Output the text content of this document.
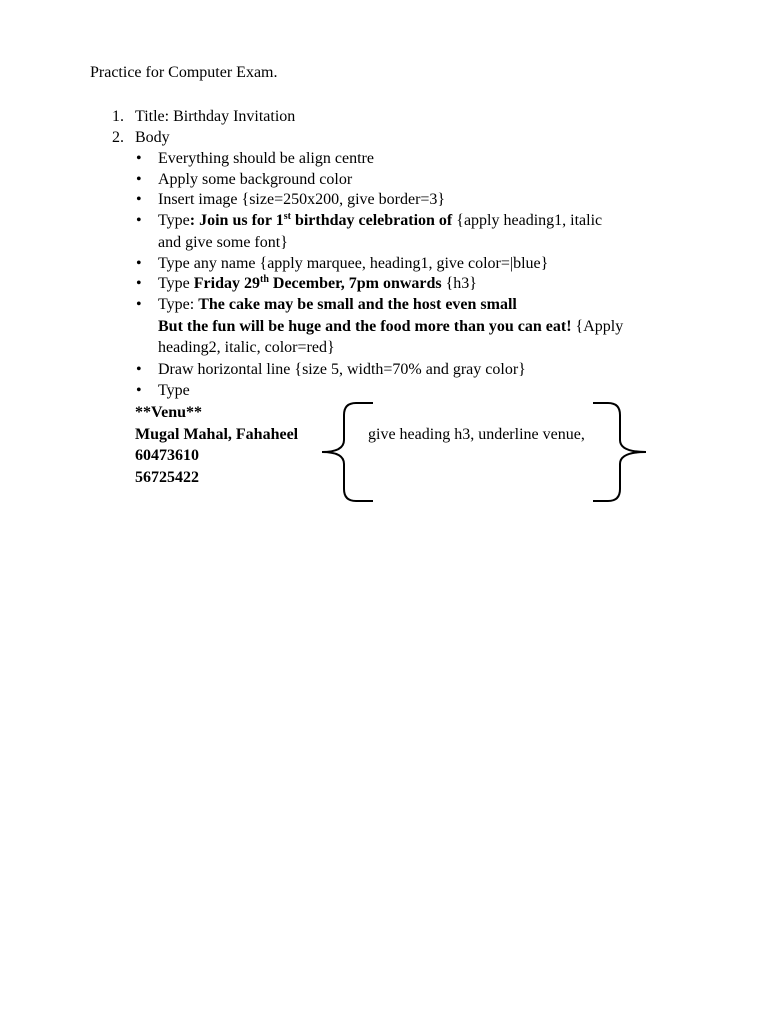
Practice for Computer Exam.
1. Title: Birthday Invitation
2. Body
• Everything should be align centre
• Apply some background color
• Insert image {size=250x200, give border=3}
• Type: Join us for 1st birthday celebration of {apply heading1, italic
and give some font}
• Type any name {apply marquee, heading1, give color=|blue}
• Type Friday 29th December, 7pm onwards {h3}
• Type: The cake may be small and the host even small
But the fun will be huge and the food more than you can eat! {Apply
heading2, italic, color=red}
• Draw horizontal line {size 5, width=70% and gray color}
• Type
**Venu**
Mugal Mahal, Fahaheel
60473610
56725422
give heading h3, underline venue,
